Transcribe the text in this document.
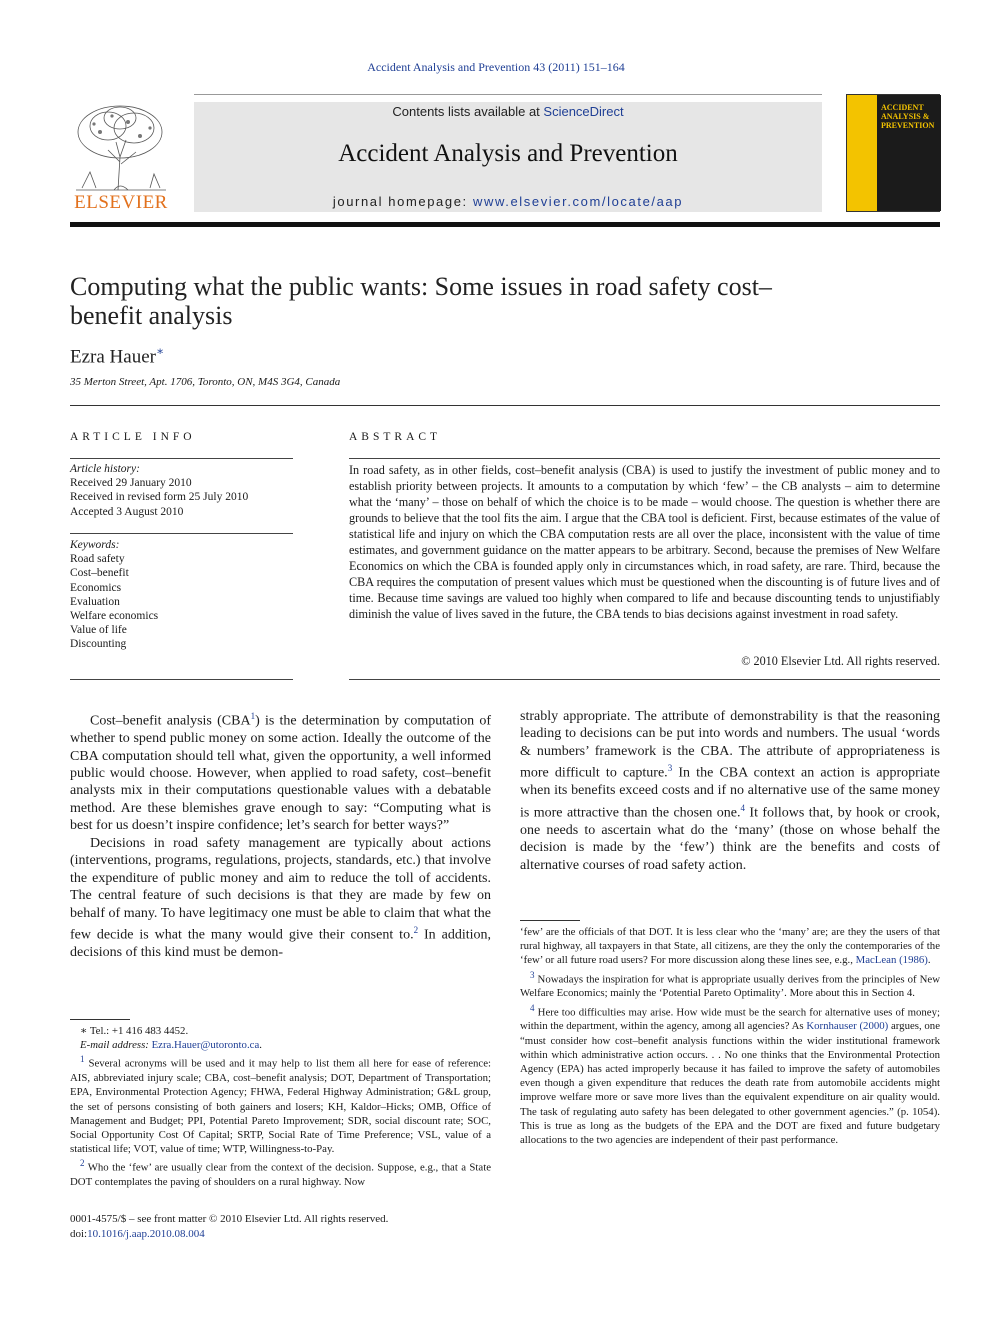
Accident Analysis and Prevention 43 (2011) 151–164
ELSEVIER
Contents lists available at ScienceDirect
Accident Analysis and Prevention
journal homepage: www.elsevier.com/locate/aap
ACCIDENT ANALYSIS & PREVENTION
Computing what the public wants: Some issues in road safety cost–benefit analysis
Ezra Hauer∗
35 Merton Street, Apt. 1706, Toronto, ON, M4S 3G4, Canada
ARTICLE INFO
Article history:
Received 29 January 2010
Received in revised form 25 July 2010
Accepted 3 August 2010
Keywords:
Road safety
Cost–benefit
Economics
Evaluation
Welfare economics
Value of life
Discounting
ABSTRACT
In road safety, as in other fields, cost–benefit analysis (CBA) is used to justify the investment of public money and to establish priority between projects. It amounts to a computation by which ‘few’ – the CB analysts – aim to determine what the ‘many’ – those on behalf of which the choice is to be made – would choose. The question is whether there are grounds to believe that the tool fits the aim. I argue that the CBA tool is deficient. First, because estimates of the value of statistical life and injury on which the CBA computation rests are all over the place, inconsistent with the value of time estimates, and government guidance on the matter appears to be arbitrary. Second, because the premises of New Welfare Economics on which the CBA is founded apply only in circumstances which, in road safety, are rare. Third, because the CBA requires the computation of present values which must be questioned when the discounting is of future lives and of time. Because time savings are valued too highly when compared to life and because discounting tends to unjustifiably diminish the value of lives saved in the future, the CBA tends to bias decisions against investment in road safety.
© 2010 Elsevier Ltd. All rights reserved.

Cost–benefit analysis (CBA$^1$) is the determination by computation of whether to spend public money on some action. Ideally the outcome of the CBA computation should tell what, given the opportunity, a well informed public would choose. However, when applied to road safety, cost–benefit analysts mix in their computations questionable values with a debatable method. Are these blemishes grave enough to say: “Computing what is best for us doesn’t inspire confidence; let’s search for better ways?”

Decisions in road safety management are typically about actions (interventions, programs, regulations, projects, standards, etc.) that involve the expenditure of public money and aim to reduce the toll of accidents. The central feature of such decisions is that they are made by few on behalf of many. To have legitimacy one must be able to claim that what the few decide is what the many would give their consent to.$^2$ In addition, decisions of this kind must be demon-

strably appropriate. The attribute of demonstrability is that the reasoning leading to decisions can be put into words and numbers. The usual ‘words & numbers’ framework is the CBA. The attribute of appropriateness is more difficult to capture.$^3$ In the CBA context an action is appropriate when its benefits exceed costs and if no alternative use of the same money is more attractive than the chosen one.$^4$ It follows that, by hook or crook, one needs to ascertain what do the ‘many’ (those on whose behalf the decision is made by the ‘few’) think are the benefits and costs of alternative courses of road safety action.

∗ Tel.: +1 416 483 4452.

E-mail address: Ezra.Hauer@utoronto.ca.

$^1$ Several acronyms will be used and it may help to list them all here for ease of reference: AIS, abbreviated injury scale; CBA, cost–benefit analysis; DOT, Department of Transportation; EPA, Environmental Protection Agency; FHWA, Federal Highway Administration; G&L group, the set of persons consisting of both gainers and losers; KH, Kaldor–Hicks; OMB, Office of Management and Budget; PPI, Potential Pareto Improvement; SDR, social discount rate; SOC, Social Opportunity Cost Of Capital; SRTP, Social Rate of Time Preference; VSL, value of a statistical life; VOT, value of time; WTP, Willingness-to-Pay.

$^2$ Who the ‘few’ are usually clear from the context of the decision. Suppose, e.g., that a State DOT contemplates the paving of shoulders on a rural highway. Now

‘few’ are the officials of that DOT. It is less clear who the ‘many’ are; are they the users of that rural highway, all taxpayers in that State, all citizens, are they the only the contemporaries of the ‘few’ or all future road users? For more discussion along these lines see, e.g., MacLean (1986).

$^3$ Nowadays the inspiration for what is appropriate usually derives from the principles of New Welfare Economics; mainly the ‘Potential Pareto Optimality’. More about this in Section 4.

$^4$ Here too difficulties may arise. How wide must be the search for alternative uses of money; within the department, within the agency, among all agencies? As Kornhauser (2000) argues, one “must consider how cost–benefit analysis functions within the wider institutional framework within which administrative action occurs. . . No one thinks that the Environmental Protection Agency (EPA) has acted improperly because it has failed to improve the safety of automobiles even though a given expenditure that reduces the death rate from automobile accidents might improve welfare more or save more lives than the equivalent expenditure on air quality would. The task of regulating auto safety has been delegated to other government agencies.” (p. 1054). This is true as long as the budgets of the EPA and the DOT are fixed and future budgetary allocations to the two agencies are independent of their past performance.

0001-4575/$ – see front matter © 2010 Elsevier Ltd. All rights reserved.
doi:10.1016/j.aap.2010.08.004
